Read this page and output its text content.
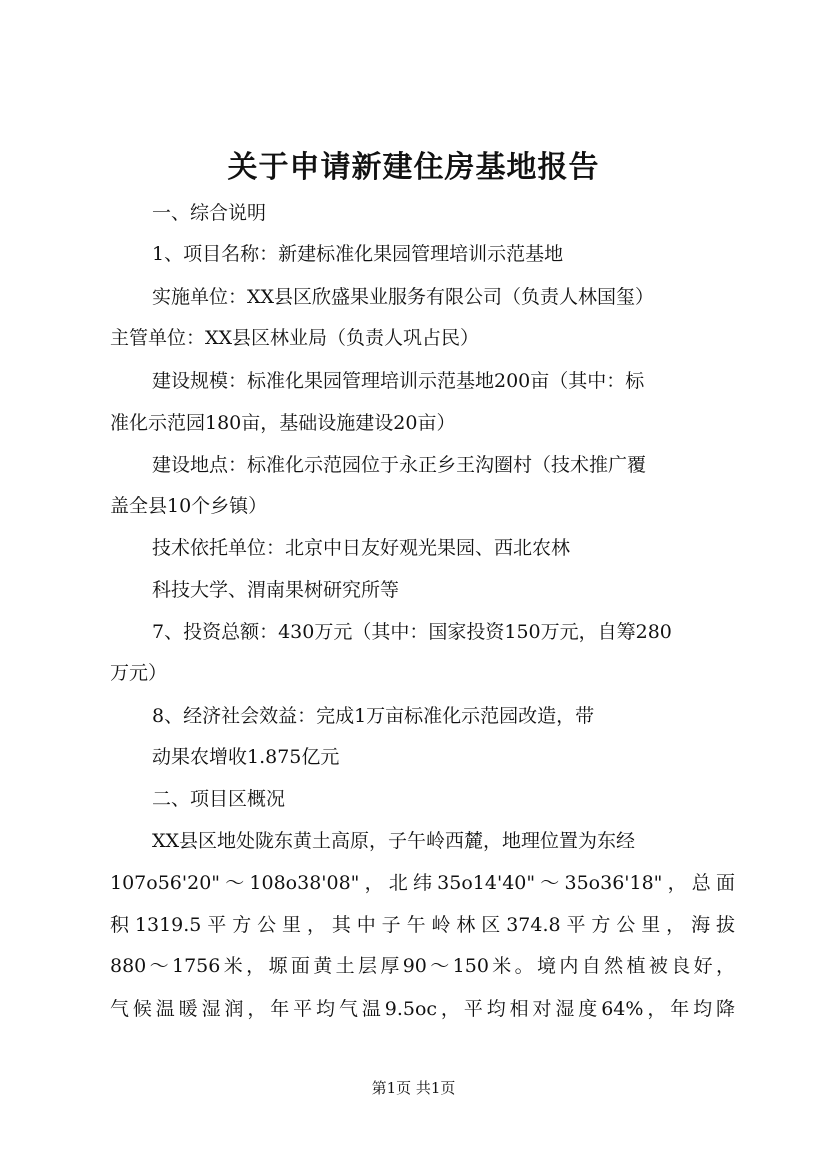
关于申请新建住房基地报告
一、综合说明
1、项目名称：新建标准化果园管理培训示范基地
实施单位：XX县区欣盛果业服务有限公司（负责人林国玺）
主管单位：XX县区林业局（负责人巩占民）
建设规模：标准化果园管理培训示范基地200亩（其中：标
准化示范园180亩，基础设施建设20亩）
建设地点：标准化示范园位于永正乡王沟圈村（技术推广覆
盖全县10个乡镇）
技术依托单位：北京中日友好观光果园、西北农林
科技大学、渭南果树研究所等
7、投资总额：430万元（其中：国家投资150万元，自筹280
万元）
8、经济社会效益：完成1万亩标准化示范园改造，带
动果农增收1.875亿元
二、项目区概况
XX县区地处陇东黄土高原，子午岭西麓，地理位置为东经
107o56'20"～108o38'08"，北纬35o14'40"～35o36'18"，总面
积1319.5平方公里，其中子午岭林区374.8平方公里，海拔
880～1756米，塬面黄土层厚90～150米。境内自然植被良好，
气候温暖湿润，年平均气温9.5oc，平均相对湿度64%，年均降
第1页 共1页
